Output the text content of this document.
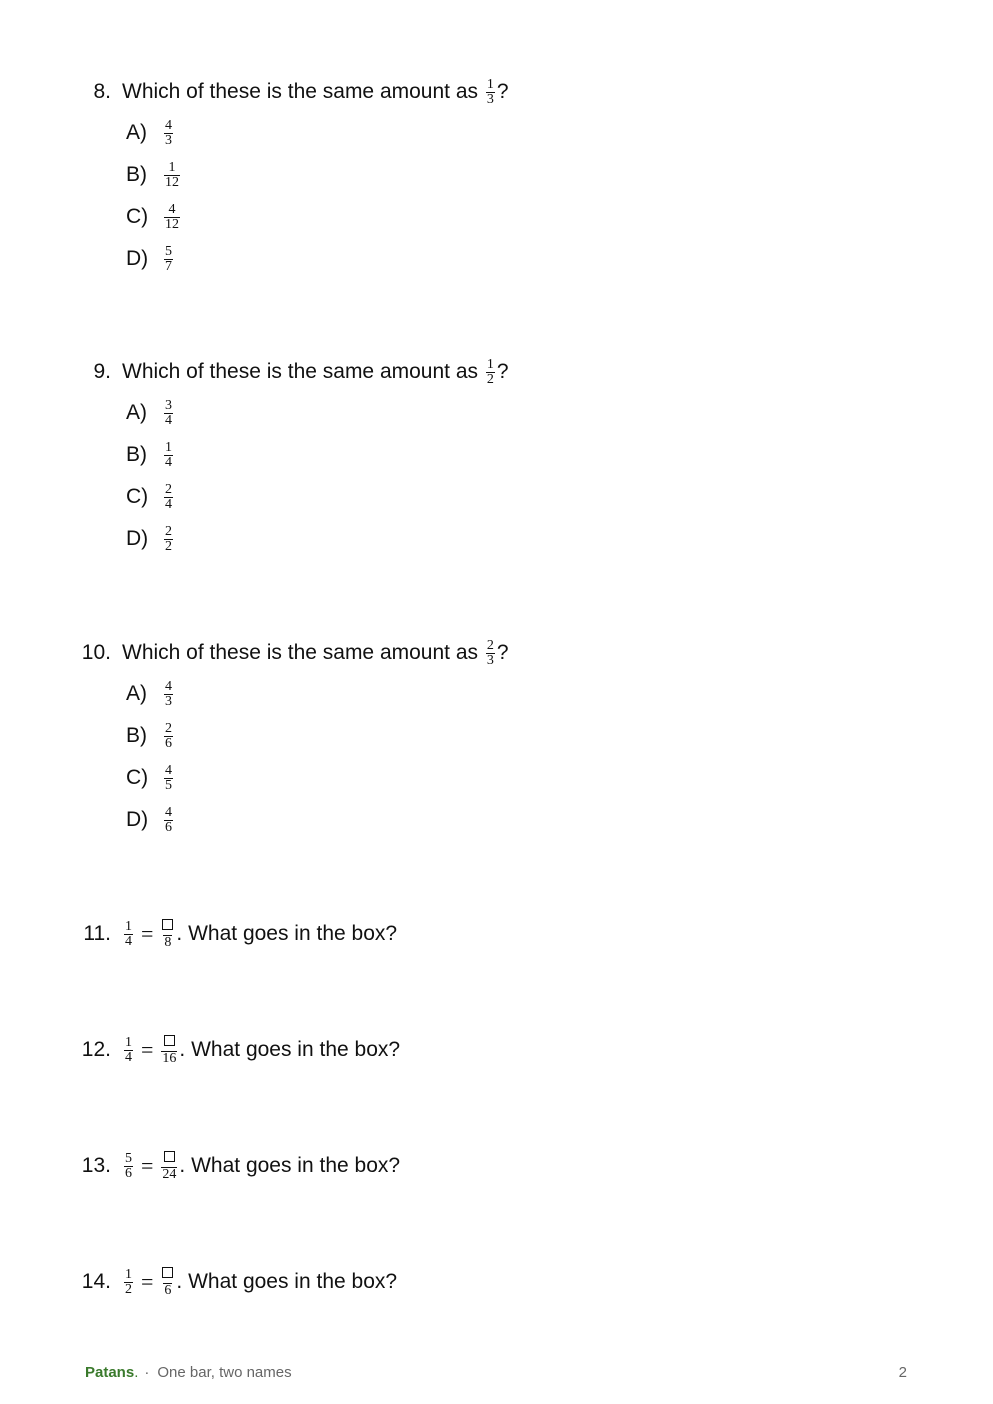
8. Which of these is the same amount as
$\frac{1}{3}$ ?
A)	$\frac{4}{3}$
B)	$\frac{1}{12}$
C)	$\frac{4}{12}$
D)	$\frac{5}{7}$
9. Which of these is the same amount as
$\frac{1}{2}$ ?
A)	$\frac{3}{4}$
B)	$\frac{1}{4}$
C)	$\frac{2}{4}$
D)	$\frac{2}{2}$
10. Which of these is the same amount as
$\frac{2}{3}$ ?
A)	$\frac{4}{3}$
B)	$\frac{2}{6}$
C)	$\frac{4}{5}$
D)	$\frac{4}{6}$
11. $\frac{1}{4} = 8$ . What goes in the box?
12. $\frac{1}{4} = 16$ . What goes in the box?
13. $\frac{5}{6} = 24$ . What goes in the box?
14. $\frac{1}{2} = 6$ . What goes in the box?
Patans . · One bar, two names	2
